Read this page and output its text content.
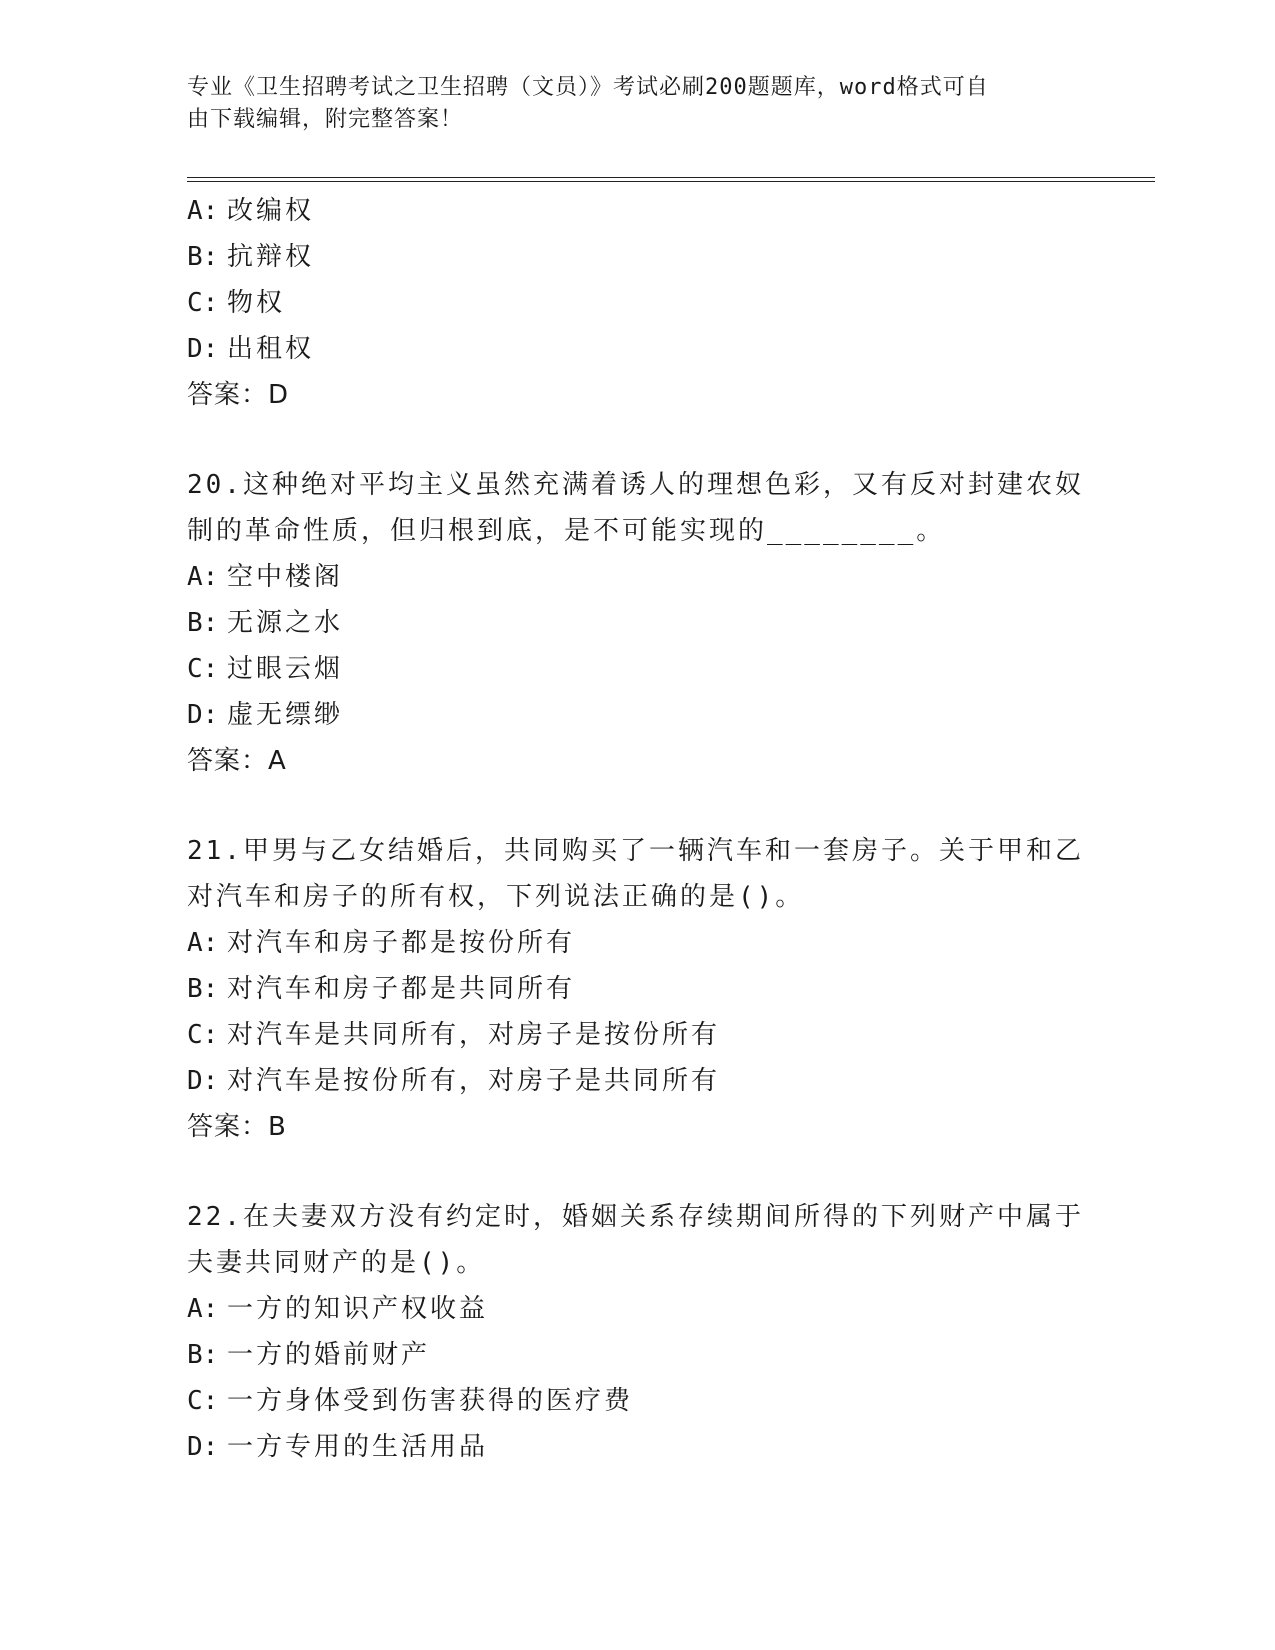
专业《卫生招聘考试之卫生招聘（文员）》考试必刷200题题库，word格式可自
由下载编辑，附完整答案！
A: 改编权
B: 抗辩权
C: 物权
D: 出租权
答案：D
20.这种绝对平均主义虽然充满着诱人的理想色彩，又有反对封建农奴
制的革命性质，但归根到底，是不可能实现的________。
A: 空中楼阁
B: 无源之水
C: 过眼云烟
D: 虚无缥缈
答案：A
21.甲男与乙女结婚后，共同购买了一辆汽车和一套房子。关于甲和乙
对汽车和房子的所有权，下列说法正确的是()。
A: 对汽车和房子都是按份所有
B: 对汽车和房子都是共同所有
C: 对汽车是共同所有，对房子是按份所有
D: 对汽车是按份所有，对房子是共同所有
答案：B
22.在夫妻双方没有约定时，婚姻关系存续期间所得的下列财产中属于
夫妻共同财产的是()。
A: 一方的知识产权收益
B: 一方的婚前财产
C: 一方身体受到伤害获得的医疗费
D: 一方专用的生活用品
